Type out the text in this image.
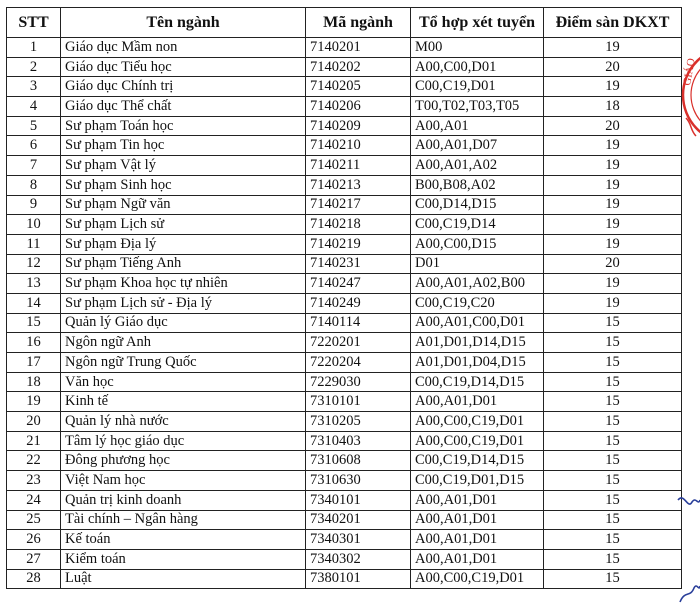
STT	Tên ngành	Mã ngành	Tổ hợp xét tuyển	Điểm sàn DKXT
1	Giáo dục Mầm non	7140201	M00	19
2	Giáo dục Tiểu học	7140202	A00,C00,D01	20
3	Giáo dục Chính trị	7140205	C00,C19,D01	19
4	Giáo dục Thể chất	7140206	T00,T02,T03,T05	18
5	Sư phạm Toán học	7140209	A00,A01	20
6	Sư phạm Tin học	7140210	A00,A01,D07	19
7	Sư phạm Vật lý	7140211	A00,A01,A02	19
8	Sư phạm Sinh học	7140213	B00,B08,A02	19
9	Sư phạm Ngữ văn	7140217	C00,D14,D15	19
10	Sư phạm Lịch sử	7140218	C00,C19,D14	19
11	Sư phạm Địa lý	7140219	A00,C00,D15	19
12	Sư phạm Tiếng Anh	7140231	D01	20
13	Sư phạm Khoa học tự nhiên	7140247	A00,A01,A02,B00	19
14	Sư phạm Lịch sử - Địa lý	7140249	C00,C19,C20	19
15	Quản lý Giáo dục	7140114	A00,A01,C00,D01	15
16	Ngôn ngữ Anh	7220201	A01,D01,D14,D15	15
17	Ngôn ngữ Trung Quốc	7220204	A01,D01,D04,D15	15
18	Văn học	7229030	C00,C19,D14,D15	15
19	Kinh tế	7310101	A00,A01,D01	15
20	Quản lý nhà nước	7310205	A00,C00,C19,D01	15
21	Tâm lý học giáo dục	7310403	A00,C00,C19,D01	15
22	Đông phương học	7310608	C00,C19,D14,D15	15
23	Việt Nam học	7310630	C00,C19,D01,D15	15
24	Quản trị kinh doanh	7340101	A00,A01,D01	15
25	Tài chính – Ngân hàng	7340201	A00,A01,D01	15
26	Kế toán	7340301	A00,A01,D01	15
27	Kiểm toán	7340302	A00,A01,D01	15
28	Luật	7380101	A00,C00,C19,D01	15
GIÁO
